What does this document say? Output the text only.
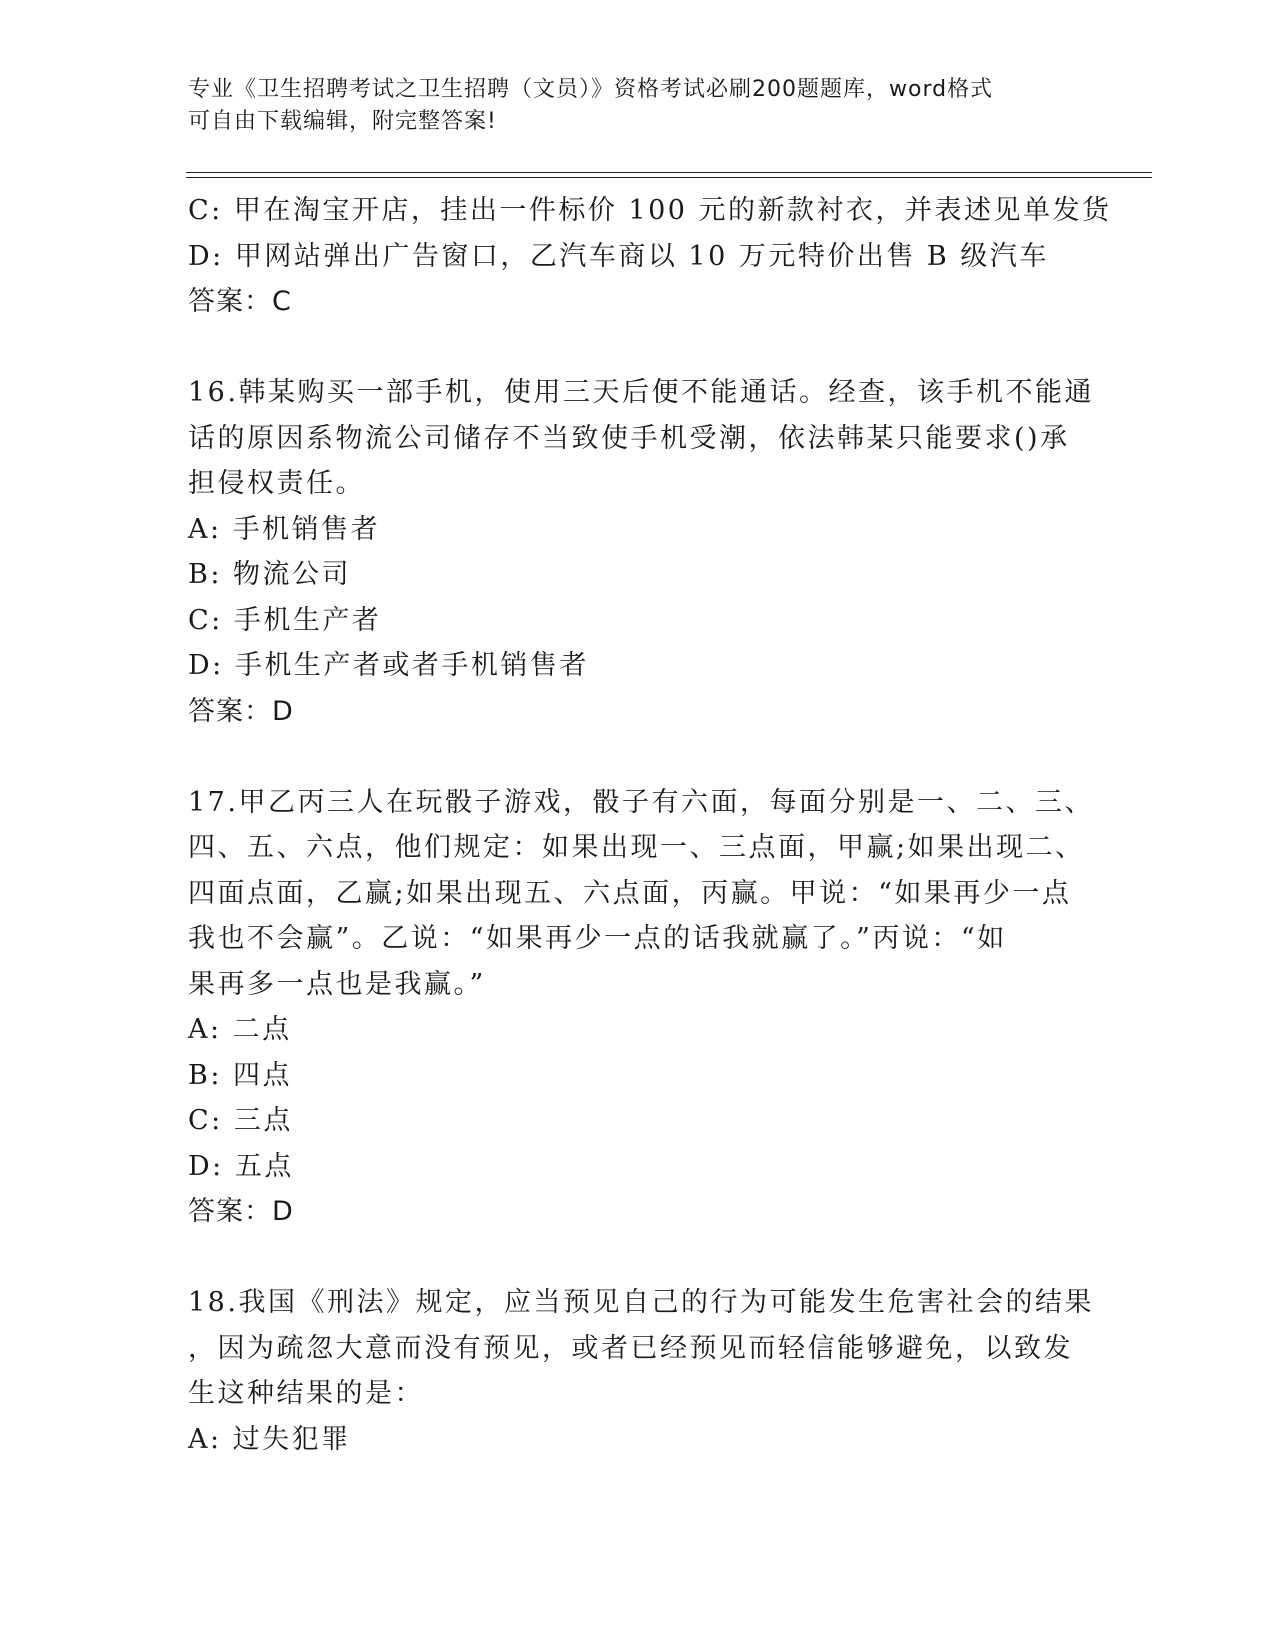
专业《卫生招聘考试之卫生招聘（文员）》资格考试必刷200题题库，word格式
可自由下载编辑，附完整答案!
C: 甲在淘宝开店，挂出一件标价 100 元的新款衬衣，并表述见单发货
D: 甲网站弹出广告窗口，乙汽车商以 10 万元特价出售 B 级汽车
答案：C
16.韩某购买一部手机，使用三天后便不能通话。经查，该手机不能通
话的原因系物流公司储存不当致使手机受潮，依法韩某只能要求()承
担侵权责任。
A: 手机销售者
B: 物流公司
C: 手机生产者
D: 手机生产者或者手机销售者
答案：D
17.甲乙丙三人在玩骰子游戏，骰子有六面，每面分别是一、二、三、
四、五、六点，他们规定：如果出现一、三点面，甲赢;如果出现二、
四面点面，乙赢;如果出现五、六点面，丙赢。甲说：“如果再少一点
我也不会赢”。乙说：“如果再少一点的话我就赢了。”丙说：“如
果再多一点也是我赢。”
A: 二点
B: 四点
C: 三点
D: 五点
答案：D
18.我国《刑法》规定，应当预见自己的行为可能发生危害社会的结果
，因为疏忽大意而没有预见，或者已经预见而轻信能够避免，以致发
生这种结果的是：
A: 过失犯罪
